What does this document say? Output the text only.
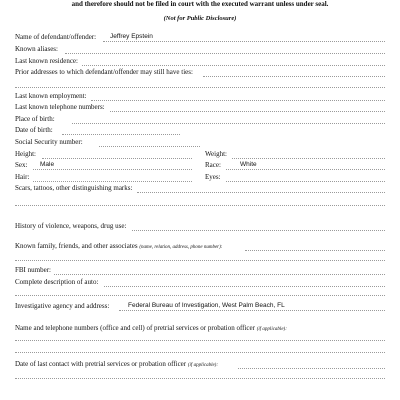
and therefore should not be filed in court with the executed warrant unless under seal.
(Not for Public Disclosure)
Name of defendant/offender: Jeffrey Epstein
Known aliases:
Last known residence:
Prior addresses to which defendant/offender may still have ties:
Last known employment:
Last known telephone numbers:
Place of birth:
Date of birth:
Social Security number:
Height:	Weight:
Sex: Male	Race:	White
Hair:	Eyes:
Scars, tattoos, other distinguishing marks:
History of violence, weapons, drug use:
Known family, friends, and other associates (name, relation, address, phone number):
FBI number:
Complete description of auto:
Investigative agency and address:	Federal Bureau of Investigation, West Palm Beach, FL
Name and telephone numbers (office and cell) of pretrial services or probation officer (if applicable):
Date of last contact with pretrial services or probation officer (if applicable):
